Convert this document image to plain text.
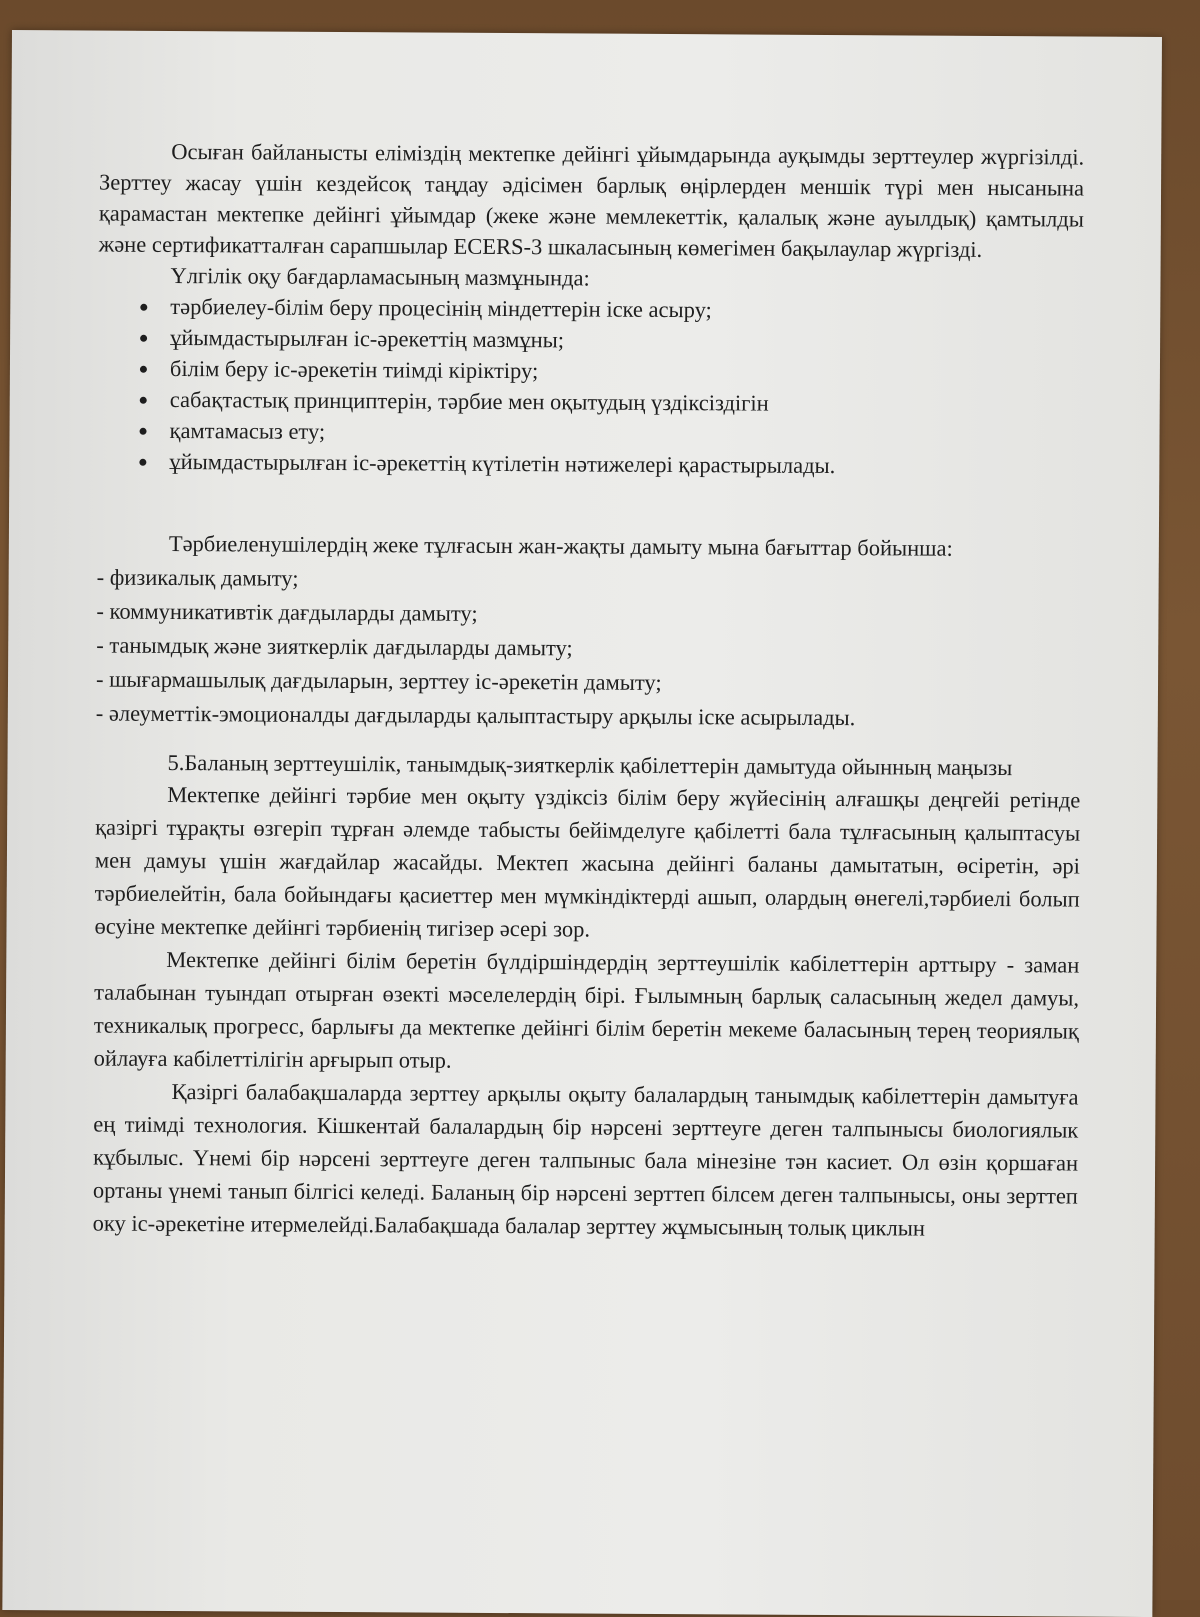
Осыған байланысты еліміздің мектепке дейінгі ұйымдарында ауқымды зерттеулер жүргізілді. Зерттеу жасау үшін кездейсоқ таңдау әдісімен барлық өңірлерден меншік түрі мен нысанына қарамастан мектепке дейінгі ұйымдар (жеке және мемлекеттік, қалалық және ауылдық) қамтылды және сертификатталған сарапшылар ECERS-3 шкаласының көмегімен бақылаулар жүргізді.

Үлгілік оқу бағдарламасының мазмұнында:

тәрбиелеу-білім беру процесінің міндеттерін іске асыру;
ұйымдастырылған іс-әрекеттің мазмұны;
білім беру іс-әрекетін тиімді кіріктіру;
сабақтастық принциптерін, тәрбие мен оқытудың үздіксіздігін
қамтамасыз ету;
ұйымдастырылған іс-әрекеттің күтілетін нәтижелері қарастырылады.

Тәрбиеленушілердің жеке тұлғасын жан-жақты дамыту мына бағыттар бойынша:

- физикалық дамыту;

- коммуникативтік дағдыларды дамыту;

- танымдық және зияткерлік дағдыларды дамыту;

- шығармашылық дағдыларын, зерттеу іс-әрекетін дамыту;

- әлеуметтік-эмоционалды дағдыларды қалыптастыру арқылы іске асырылады.

5.Баланың зерттеушілік, танымдық-зияткерлік қабілеттерін дамытуда ойынның маңызы

Мектепке дейінгі тәрбие мен оқыту үздіксіз білім беру жүйесінің алғашқы деңгейі ретінде қазіргі тұрақты өзгеріп тұрған әлемде табысты бейімделуге қабілетті бала тұлғасының қалыптасуы мен дамуы үшін жағдайлар жасайды. Мектеп жасына дейінгі баланы дамытатын, өсіретін, әрі тәрбиелейтін, бала бойындағы қасиеттер мен мүмкіндіктерді ашып, олардың өнегелі,тәрбиелі болып өсуіне мектепке дейінгі тәрбиенің тигізер әсері зор.

Мектепке дейінгі білім беретін бүлдіршіндердің зерттеушілік кабілеттерін арттыру - заман талабынан туындап отырған өзекті мәселелердің бірі. Ғылымның барлық саласының жедел дамуы, техникалық прогресс, барлығы да мектепке дейінгі білім беретін мекеме баласының терең теориялық ойлауға кабілеттілігін арғырып отыр.

Қазіргі балабақшаларда зерттеу арқылы оқыту балалардың танымдық кабілеттерін дамытуға ең тиімді технология. Кішкентай балалардың бір нәрсені зерттеуге деген талпынысы биологиялык кұбылыс. Үнемі бір нәрсені зерттеуге деген талпыныс бала мінезіне тән касиет. Ол өзін қоршаған ортаны үнемі танып білгісі келеді. Баланың бір нәрсені зерттеп білсем деген талпынысы, оны зерттеп оку іс-әрекетіне итермелейді.Балабақшада балалар зерттеу жұмысының толық циклын
